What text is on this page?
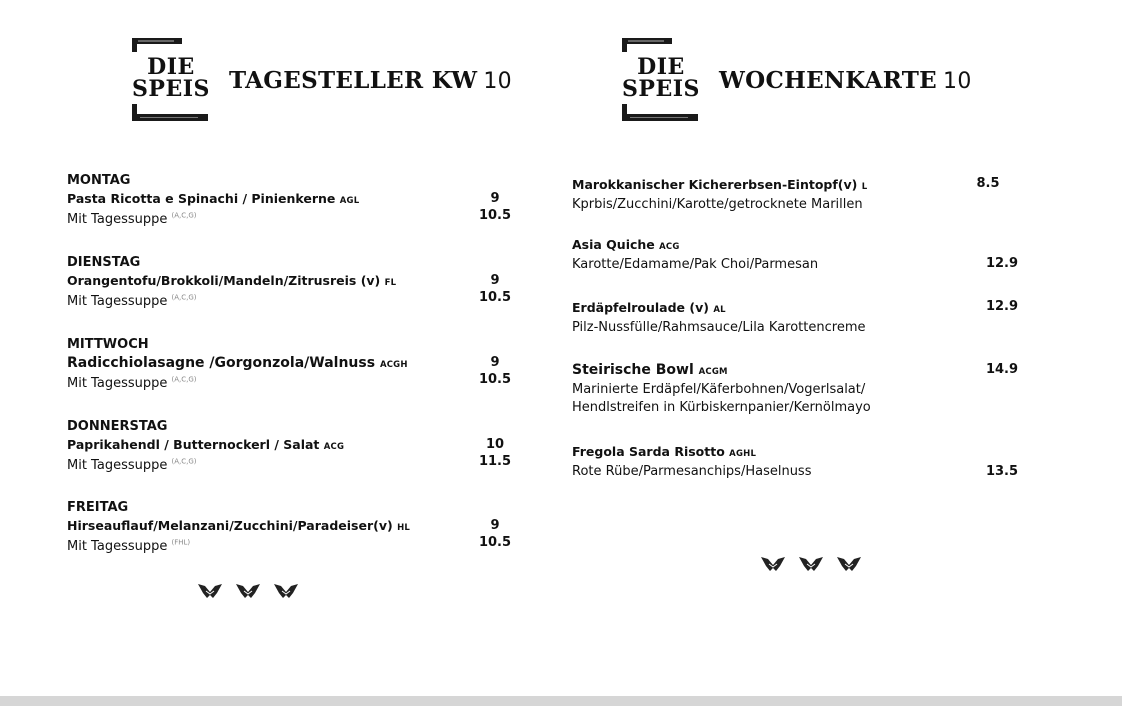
DIE
SPEIS TAGESTELLER KW 10
MONTAG
Pasta Ricotta e Spinachi / Pinienkerne AGL	9
Mit Tagessuppe $^{(A,C,G)}$	10.5
DIENSTAG
Orangentofu/Brokkoli/Mandeln/Zitrusreis (v) FL	9
Mit Tagessuppe $^{(A,C,G)}$	10.5
MITTWOCH
Radicchiolasagne /Gorgonzola/Walnuss ACGH	9
Mit Tagessuppe $^{(A,C,G)}$	10.5
DONNERSTAG
Paprikahendl / Butternockerl / Salat ACG	10
Mit Tagessuppe $^{(A,C,G)}$	11.5
FREITAG
Hirseauflauf/Melanzani/Zucchini/Paradeiser(v) HL	9
Mit Tagessuppe $^{(FHL)}$	10.5
DIE
SPEIS WOCHENKARTE 10
Marokkanischer Kichererbsen-Eintopf(v) L	8.5
Kprbis/Zucchini/Karotte/getrocknete Marillen
Asia Quiche ACG
Karotte/Edamame/Pak Choi/Parmesan	12.9
Erdäpfelroulade (v) AL	12.9
Pilz-Nussfülle/Rahmsauce/Lila Karottencreme
Steirische Bowl ACGM	14.9
Marinierte Erdäpfel/Käferbohnen/Vogerlsalat/
Hendlstreifen in Kürbiskernpanier/Kernölmayo
Fregola Sarda Risotto AGHL
Rote Rübe/Parmesanchips/Haselnuss	13.5
